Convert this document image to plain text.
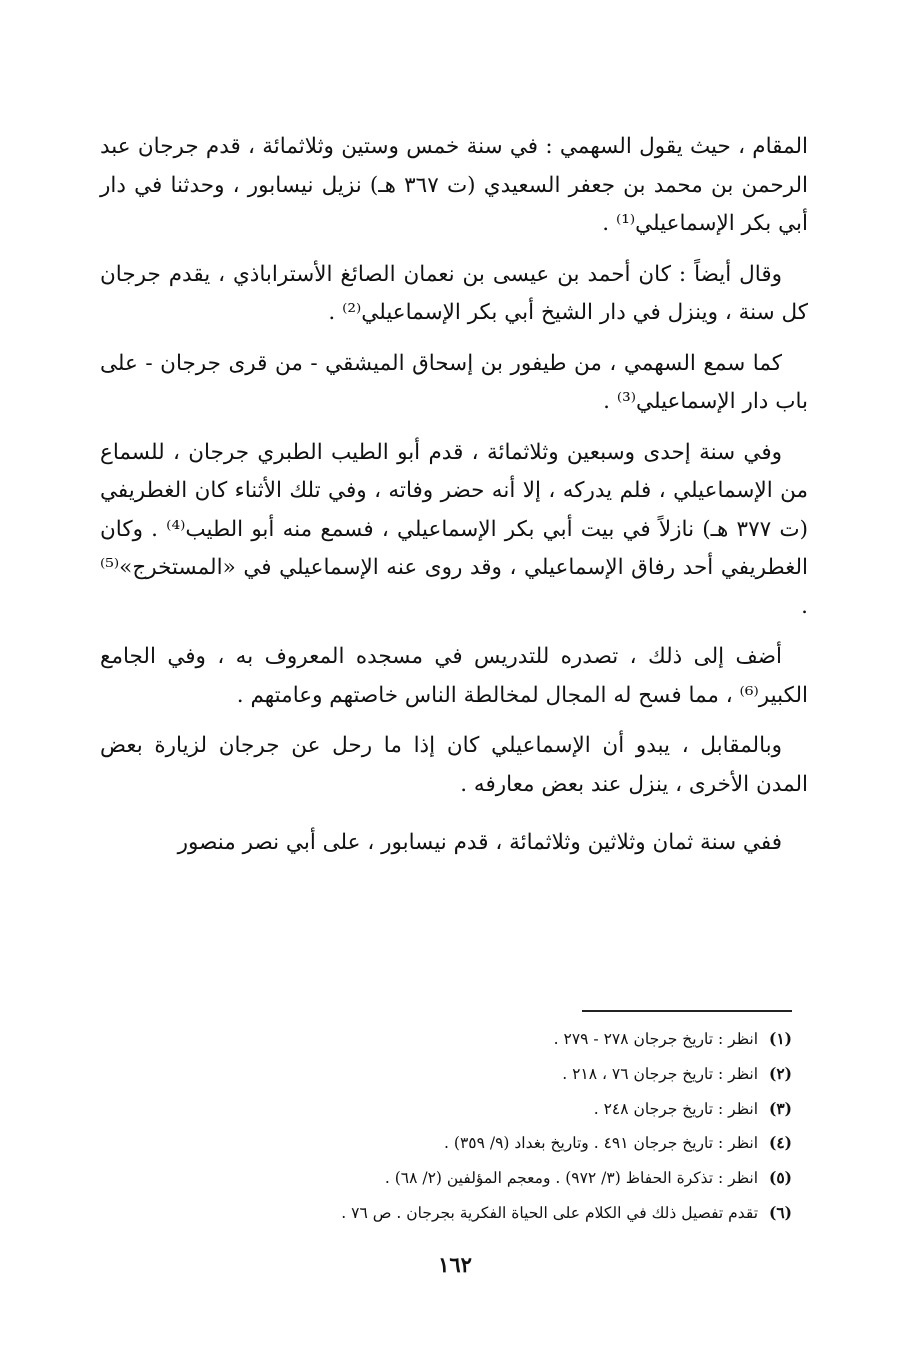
المقام ، حيث يقول السهمي : في سنة خمس وستين وثلاثمائة ، قدم جرجان عبد الرحمن بن محمد بن جعفر السعيدي (ت ٣٦٧ هـ) نزيل نيسابور ، وحدثنا في دار أبي بكر الإسماعيلي⁽¹⁾ .

وقال أيضاً : كان أحمد بن عيسى بن نعمان الصائغ الأستراباذي ، يقدم جرجان كل سنة ، وينزل في دار الشيخ أبي بكر الإسماعيلي⁽²⁾ .

كما سمع السهمي ، من طيفور بن إسحاق الميشقي - من قرى جرجان - على باب دار الإسماعيلي⁽³⁾ .

وفي سنة إحدى وسبعين وثلاثمائة ، قدم أبو الطيب الطبري جرجان ، للسماع من الإسماعيلي ، فلم يدركه ، إلا أنه حضر وفاته ، وفي تلك الأثناء كان الغطريفي (ت ٣٧٧ هـ) نازلاً في بيت أبي بكر الإسماعيلي ، فسمع منه أبو الطيب⁽⁴⁾ . وكان الغطريفي أحد رفاق الإسماعيلي ، وقد روى عنه الإسماعيلي في «المستخرج»⁽⁵⁾ .

أضف إلى ذلك ، تصدره للتدريس في مسجده المعروف به ، وفي الجامع الكبير⁽⁶⁾ ، مما فسح له المجال لمخالطة الناس خاصتهم وعامتهم .

وبالمقابل ، يبدو أن الإسماعيلي كان إذا ما رحل عن جرجان لزيارة بعض المدن الأخرى ، ينزل عند بعض معارفه .

ففي سنة ثمان وثلاثين وثلاثمائة ، قدم نيسابور ، على أبي نصر منصور

(١) انظر : تاريخ جرجان ٢٧٨ - ٢٧٩ .
(٢) انظر : تاريخ جرجان ٧٦ ، ٢١٨ .
(٣) انظر : تاريخ جرجان ٢٤٨ .
(٤) انظر : تاريخ جرجان ٤٩١ . وتاريخ بغداد (٩/ ٣٥٩) .
(٥) انظر : تذكرة الحفاظ (٣/ ٩٧٢) . ومعجم المؤلفين (٢/ ٦٨) .
(٦) تقدم تفصيل ذلك في الكلام على الحياة الفكرية بجرجان . ص ٧٦ .
١٦٢
